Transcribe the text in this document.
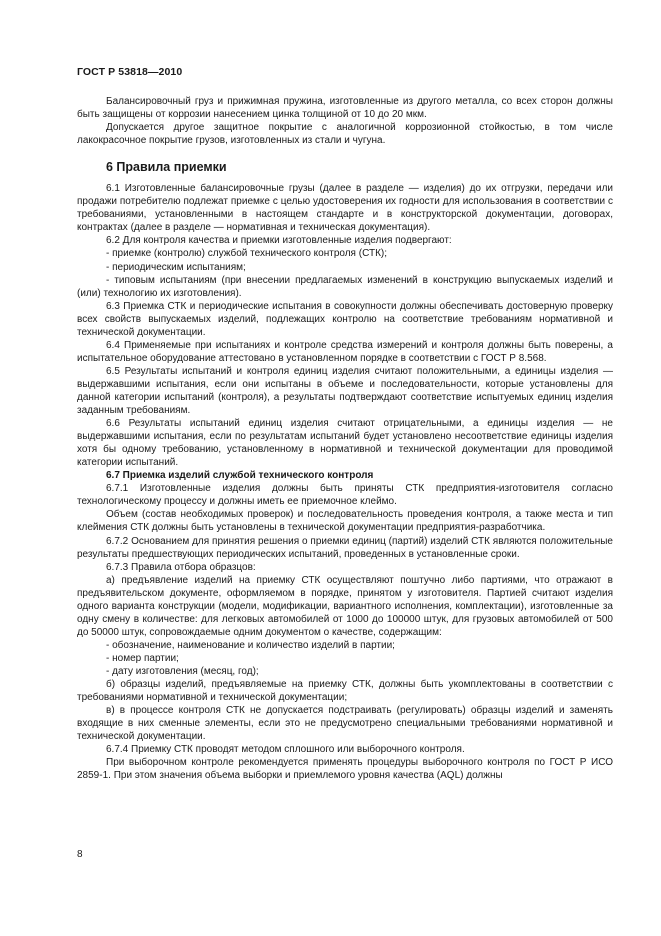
ГОСТ Р 53818—2010

Балансировочный груз и прижимная пружина, изготовленные из другого металла, со всех сторон должны быть защищены от коррозии нанесением цинка толщиной от 10 до 20 мкм.

Допускается другое защитное покрытие с аналогичной коррозионной стойкостью, в том числе лакокрасочное покрытие грузов, изготовленных из стали и чугуна.

6 Правила приемки

6.1 Изготовленные балансировочные грузы (далее в разделе — изделия) до их отгрузки, передачи или продажи потребителю подлежат приемке с целью удостоверения их годности для использования в соответствии с требованиями, установленными в настоящем стандарте и в конструкторской документации, договорах, контрактах (далее в разделе — нормативная и техническая документация).

6.2 Для контроля качества и приемки изготовленные изделия подвергают:

- приемке (контролю) службой технического контроля (СТК);

- периодическим испытаниям;

- типовым испытаниям (при внесении предлагаемых изменений в конструкцию выпускаемых изделий и (или) технологию их изготовления).

6.3 Приемка СТК и периодические испытания в совокупности должны обеспечивать достоверную проверку всех свойств выпускаемых изделий, подлежащих контролю на соответствие требованиям нормативной и технической документации.

6.4 Применяемые при испытаниях и контроле средства измерений и контроля должны быть поверены, а испытательное оборудование аттестовано в установленном порядке в соответствии с ГОСТ Р 8.568.

6.5 Результаты испытаний и контроля единиц изделия считают положительными, а единицы изделия — выдержавшими испытания, если они испытаны в объеме и последовательности, которые установлены для данной категории испытаний (контроля), а результаты подтверждают соответствие испытуемых единиц изделия заданным требованиям.

6.6 Результаты испытаний единиц изделия считают отрицательными, а единицы изделия — не выдержавшими испытания, если по результатам испытаний будет установлено несоответствие единицы изделия хотя бы одному требованию, установленному в нормативной и технической документации для проводимой категории испытаний.

6.7 Приемка изделий службой технического контроля

6.7.1 Изготовленные изделия должны быть приняты СТК предприятия-изготовителя согласно технологическому процессу и должны иметь ее приемочное клеймо.

Объем (состав необходимых проверок) и последовательность проведения контроля, а также места и тип клеймения СТК должны быть установлены в технической документации предприятия-разработчика.

6.7.2 Основанием для принятия решения о приемки единиц (партий) изделий СТК являются положительные результаты предшествующих периодических испытаний, проведенных в установленные сроки.

6.7.3 Правила отбора образцов:

а) предъявление изделий на приемку СТК осуществляют поштучно либо партиями, что отражают в предъявительском документе, оформляемом в порядке, принятом у изготовителя. Партией считают изделия одного варианта конструкции (модели, модификации, вариантного исполнения, комплектации), изготовленные за одну смену в количестве: для легковых автомобилей от 1000 до 100000 штук, для грузовых автомобилей от 500 до 50000 штук, сопровождаемые одним документом о качестве, содержащим:

- обозначение, наименование и количество изделий в партии;

- номер партии;

- дату изготовления (месяц, год);

б) образцы изделий, предъявляемые на приемку СТК, должны быть укомплектованы в соответствии с требованиями нормативной и технической документации;

в) в процессе контроля СТК не допускается подстраивать (регулировать) образцы изделий и заменять входящие в них сменные элементы, если это не предусмотрено специальными требованиями нормативной и технической документации.

6.7.4 Приемку СТК проводят методом сплошного или выборочного контроля.

При выборочном контроле рекомендуется применять процедуры выборочного контроля по ГОСТ Р ИСО 2859-1. При этом значения объема выборки и приемлемого уровня качества (AQL) должны

8
